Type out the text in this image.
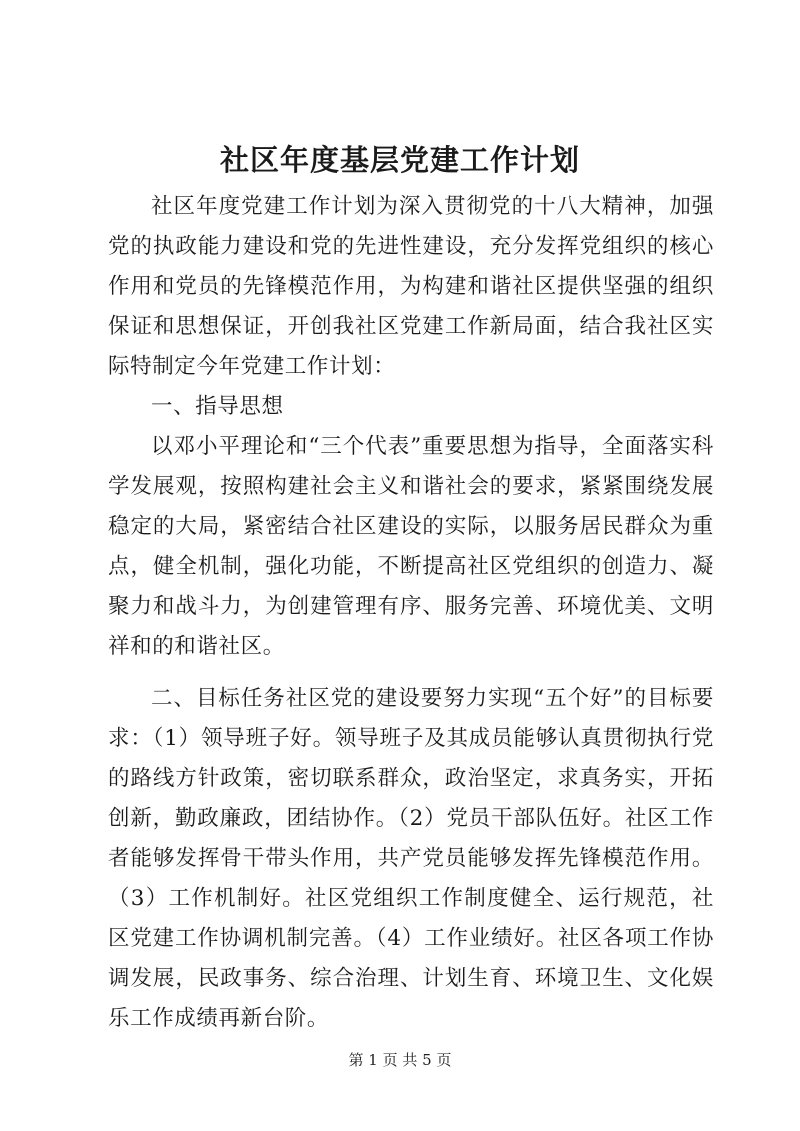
社区年度基层党建工作计划

社区年度党建工作计划为深入贯彻党的十八大精神，加强党的执政能力建设和党的先进性建设，充分发挥党组织的核心作用和党员的先锋模范作用，为构建和谐社区提供坚强的组织保证和思想保证，开创我社区党建工作新局面，结合我社区实际特制定今年党建工作计划：

一、指导思想

以邓小平理论和“三个代表”重要思想为指导，全面落实科学发展观，按照构建社会主义和谐社会的要求，紧紧围绕发展稳定的大局，紧密结合社区建设的实际，以服务居民群众为重点，健全机制，强化功能，不断提高社区党组织的创造力、凝聚力和战斗力，为创建管理有序、服务完善、环境优美、文明祥和的和谐社区。

二、目标任务社区党的建设要努力实现“五个好”的目标要求：（1）领导班子好。领导班子及其成员能够认真贯彻执行党的路线方针政策，密切联系群众，政治坚定，求真务实，开拓创新，勤政廉政，团结协作。（2）党员干部队伍好。社区工作者能够发挥骨干带头作用，共产党员能够发挥先锋模范作用。（3）工作机制好。社区党组织工作制度健全、运行规范，社区党建工作协调机制完善。（4）工作业绩好。社区各项工作协调发展，民政事务、综合治理、计划生育、环境卫生、文化娱乐工作成绩再新台阶。

第 1 页 共 5 页
